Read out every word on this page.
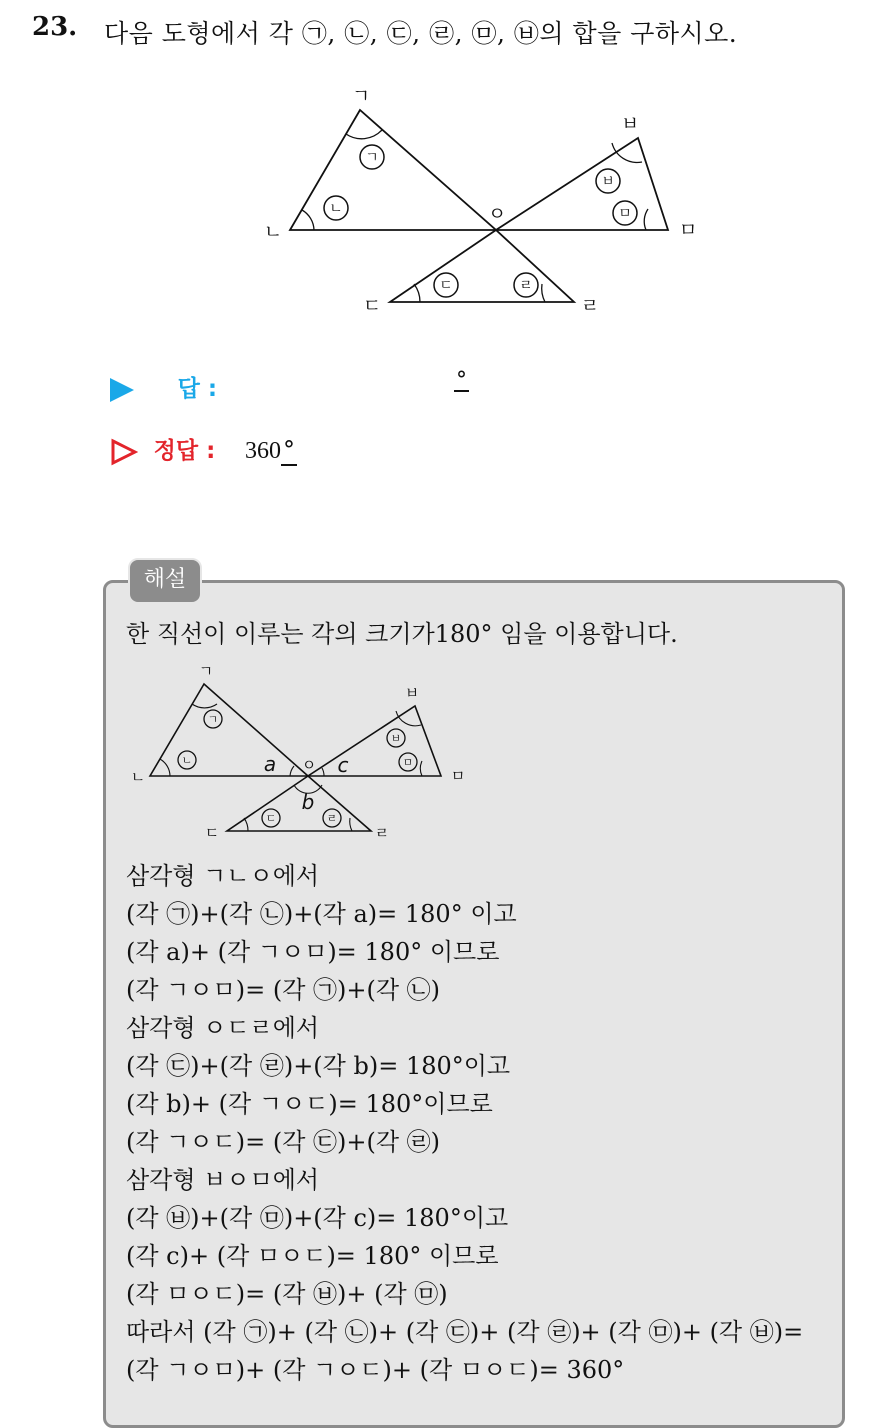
23. 다음 도형에서 각 ㉠, ㉡, ㉢, ㉣, ㉤, ㉥의 합을 구하시오.
ㄱ
ㄴ
ㄷ	ㄹ
ㅂ
ㅁ
ㄱ
ㄴ
ㅇ
ㄷ	ㄹ
ㅁ
ㅂ
답 :	°
정답 : 360°
해설
한 직선이 이루는 각의 크기가180° 임을 이용합니다.
ㄱ
ㄴ
ㄷ	ㄹ
ㅂ
ㅁ
ㄱ
ㄴ
ㅇ
ㄷ	ㄹ
ㅁ
ㅂ
a
b
c
삼각형 ㄱㄴㅇ에서
(각 ㉠)+(각 ㉡)+(각 a)= 180° 이고
(각 a)+ (각 ㄱㅇㅁ)= 180° 이므로
(각 ㄱㅇㅁ)= (각 ㉠)+(각 ㉡)
삼각형 ㅇㄷㄹ에서
(각 ㉢)+(각 ㉣)+(각 b)= 180°이고
(각 b)+ (각 ㄱㅇㄷ)= 180°이므로
(각 ㄱㅇㄷ)= (각 ㉢)+(각 ㉣)
삼각형 ㅂㅇㅁ에서
(각 ㉥)+(각 ㉤)+(각 c)= 180°이고
(각 c)+ (각 ㅁㅇㄷ)= 180° 이므로
(각 ㅁㅇㄷ)= (각 ㉥)+ (각 ㉤)
따라서 (각 ㉠)+ (각 ㉡)+ (각 ㉢)+ (각 ㉣)+ (각 ㉤)+ (각 ㉥)=
(각 ㄱㅇㅁ)+ (각 ㄱㅇㄷ)+ (각 ㅁㅇㄷ)= 360°
